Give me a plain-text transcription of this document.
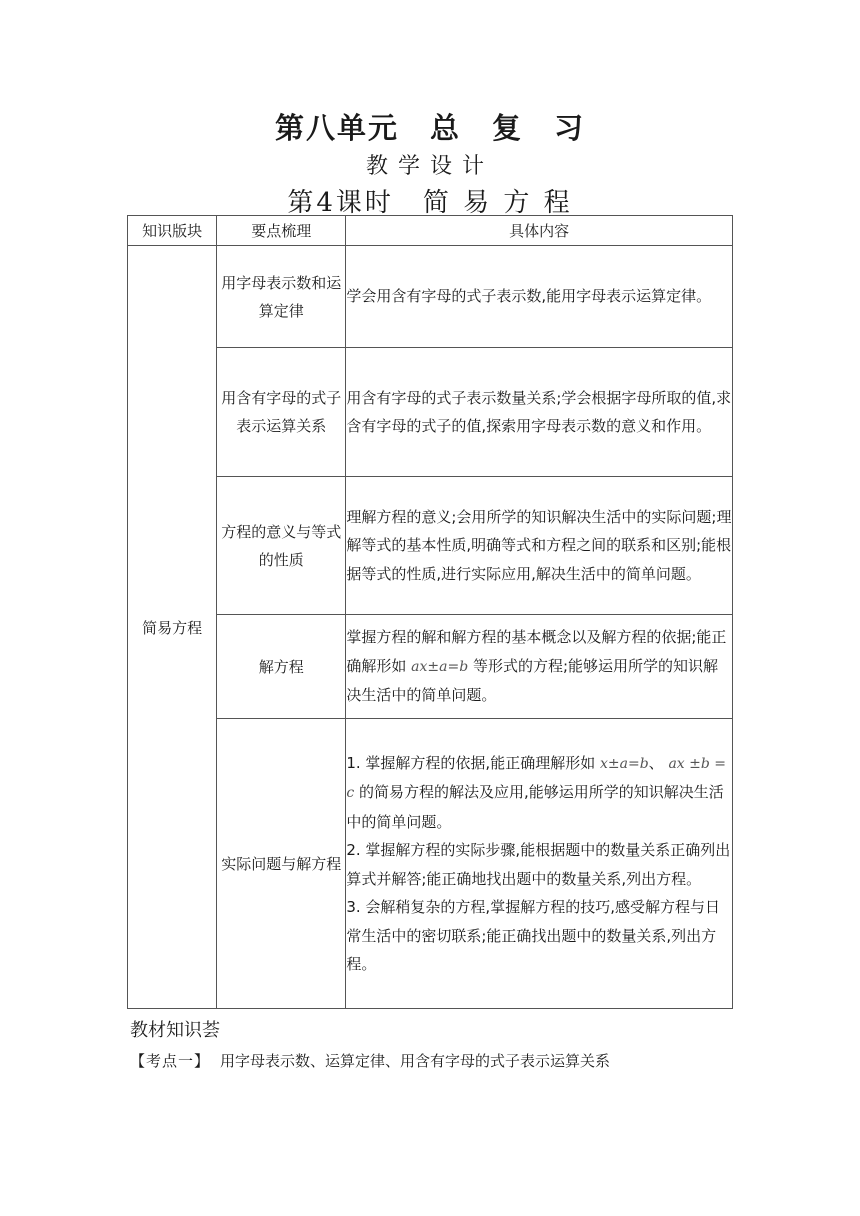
第八单元　总　复　习
教学设计
第4课时　简 易 方 程
知识版块	要点梳理	具体内容
简易方程	用字母表示数和运算定律	学会用含有字母的式子表示数,能用字母表示运算定律。
	用含有字母的式子表示运算关系	用含有字母的式子表示数量关系;学会根据字母所取的值,求含有字母的式子的值,探索用字母表示数的意义和作用。
	方程的意义与等式的性质	理解方程的意义;会用所学的知识解决生活中的实际问题;理解等式的基本性质,明确等式和方程之间的联系和区别;能根据等式的性质,进行实际应用,解决生活中的简单问题。
	解方程	掌握方程的解和解方程的基本概念以及解方程的依据;能正确解形如 ax±a=b 等形式的方程;能够运用所学的知识解决生活中的简单问题。
	实际问题与解方程	1. 掌握解方程的依据,能正确理解形如 x±a=b、 ax ±b = c 的简易方程的解法及应用,能够运用所学的知识解决生活中的简单问题。
2. 掌握解方程的实际步骤,能根据题中的数量关系正确列出算式并解答;能正确地找出题中的数量关系,列出方程。
3. 会解稍复杂的方程,掌握解方程的技巧,感受解方程与日常生活中的密切联系;能正确找出题中的数量关系,列出方程。
教材知识荟
【考点一】 用字母表示数、运算定律、用含有字母的式子表示运算关系
